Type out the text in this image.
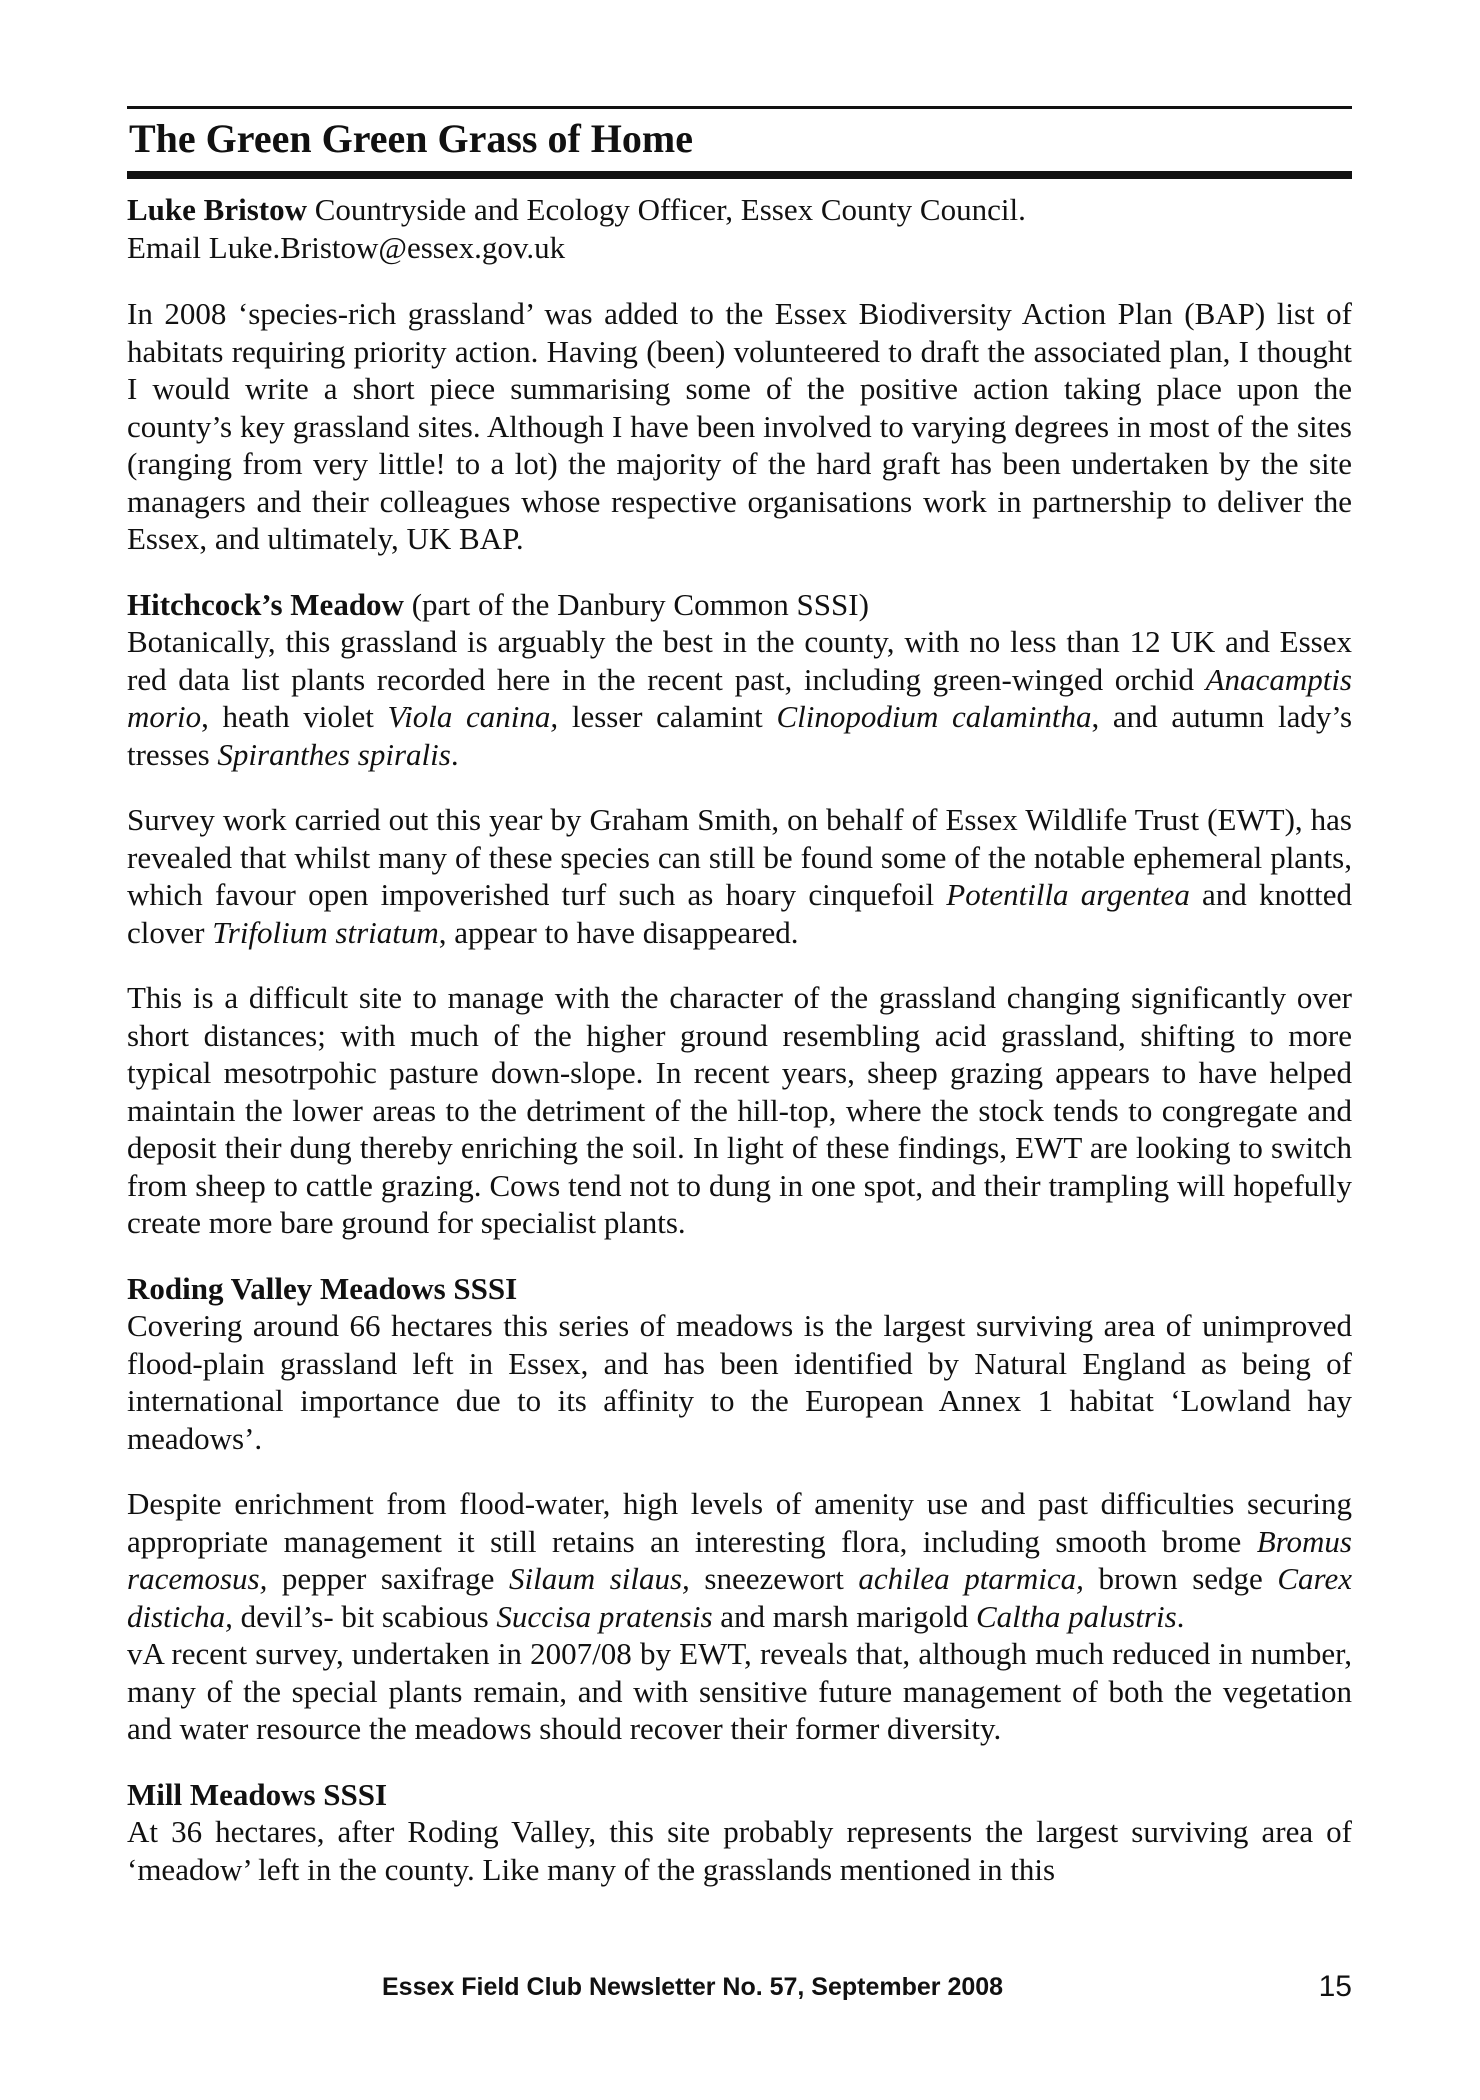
The Green Green Grass of Home
Luke Bristow Countryside and Ecology Officer, Essex County Council.
Email Luke.Bristow@essex.gov.uk

In 2008 ‘species-rich grassland’ was added to the Essex Biodiversity Action Plan (BAP) list of habitats requiring priority action. Having (been) volunteered to draft the associated plan, I thought I would write a short piece summarising some of the positive action taking place upon the county’s key grassland sites. Although I have been involved to varying degrees in most of the sites (ranging from very little! to a lot) the majority of the hard graft has been undertaken by the site managers and their colleagues whose respective organisations work in partnership to deliver the Essex, and ultimately, UK BAP.

Hitchcock’s Meadow (part of the Danbury Common SSSI)
Botanically, this grassland is arguably the best in the county, with no less than 12 UK and Essex red data list plants recorded here in the recent past, including green-winged orchid Anacamptis morio, heath violet Viola canina, lesser calamint Clinopodium calamintha, and autumn lady’s tresses Spiranthes spiralis.

Survey work carried out this year by Graham Smith, on behalf of Essex Wildlife Trust (EWT), has revealed that whilst many of these species can still be found some of the notable ephemeral plants, which favour open impoverished turf such as hoary cinquefoil Potentilla argentea and knotted clover Trifolium striatum, appear to have disappeared.

This is a difficult site to manage with the character of the grassland changing significantly over short distances; with much of the higher ground resembling acid grassland, shifting to more typical mesotrpohic pasture down-slope. In recent years, sheep grazing appears to have helped maintain the lower areas to the detriment of the hill-top, where the stock tends to congregate and deposit their dung thereby enriching the soil. In light of these findings, EWT are looking to switch from sheep to cattle grazing. Cows tend not to dung in one spot, and their trampling will hopefully create more bare ground for specialist plants.

Roding Valley Meadows SSSI
Covering around 66 hectares this series of meadows is the largest surviving area of unimproved flood-plain grassland left in Essex, and has been identified by Natural England as being of international importance due to its affinity to the European Annex 1 habitat ‘Lowland hay meadows’.

Despite enrichment from flood-water, high levels of amenity use and past difficulties securing appropriate management it still retains an interesting flora, including smooth brome Bromus racemosus, pepper saxifrage Silaum silaus, sneezewort achilea ptarmica, brown sedge Carex disticha, devil’s- bit scabious Succisa pratensis and marsh marigold Caltha palustris.

vA recent survey, undertaken in 2007/08 by EWT, reveals that, although much reduced in number, many of the special plants remain, and with sensitive future management of both the vegetation and water resource the meadows should recover their former diversity.

Mill Meadows SSSI
At 36 hectares, after Roding Valley, this site probably represents the largest surviving area of ‘meadow’ left in the county. Like many of the grasslands mentioned in this

Essex Field Club Newsletter No. 57, September 2008	15
